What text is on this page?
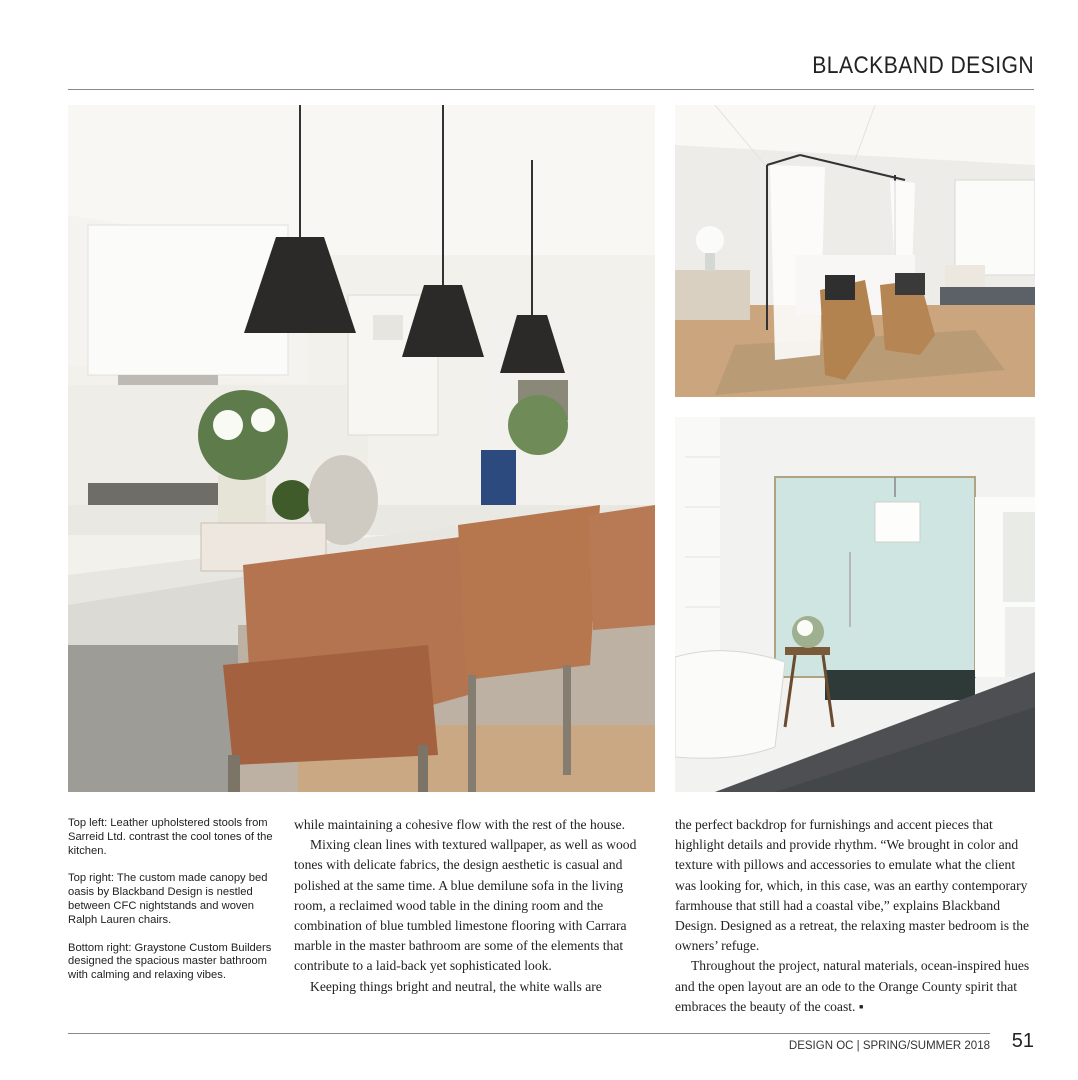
BLACKBAND DESIGN

Top left: Leather upholstered stools from Sarreid Ltd. contrast the cool tones of the kitchen.

Top right: The custom made canopy bed oasis by Blackband Design is nestled between CFC nightstands and woven Ralph Lauren chairs.

Bottom right: Graystone Custom Builders designed the spacious master bathroom with calming and relaxing vibes.

while maintaining a cohesive flow with the rest of the house.

Mixing clean lines with textured wallpaper, as well as wood tones with delicate fabrics, the design aesthetic is casual and polished at the same time. A blue demilune sofa in the living room, a reclaimed wood table in the dining room and the combination of blue tumbled limestone flooring with Carrara marble in the master bathroom are some of the elements that contribute to a laid-back yet sophisticated look.

Keeping things bright and neutral, the white walls are

the perfect backdrop for furnishings and accent pieces that highlight details and provide rhythm. “We brought in color and texture with pillows and accessories to emulate what the client was looking for, which, in this case, was an earthy contemporary farmhouse that still had a coastal vibe,” explains Blackband Design. Designed as a retreat, the relaxing master bedroom is the owners’ refuge.

Throughout the project, natural materials, ocean-inspired hues and the open layout are an ode to the Orange County spirit that embraces the beauty of the coast. ▪

DESIGN OC | SPRING/SUMMER 2018 51
